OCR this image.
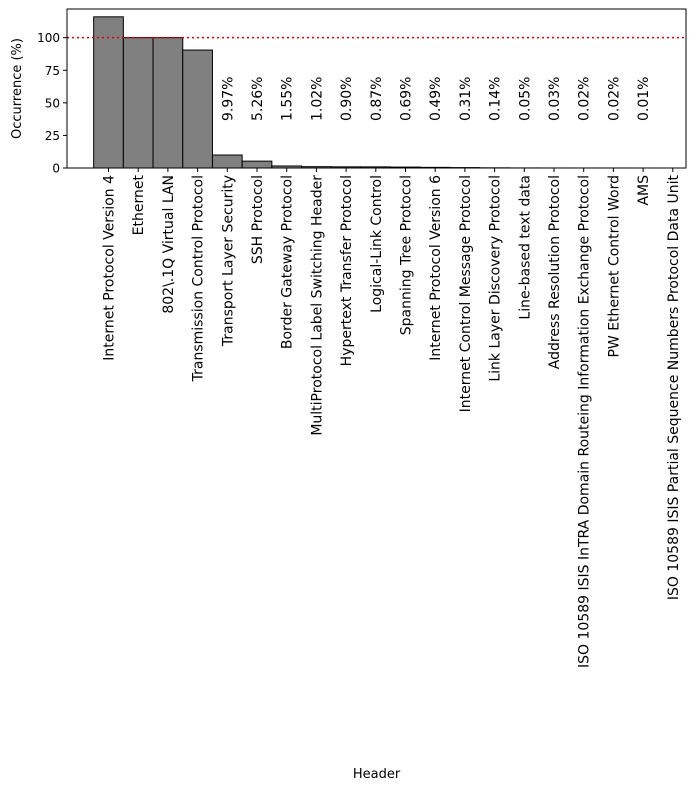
9.97% 5.26% 1.55% 1.02% 0.90% 0.87% 0.69% 0.49% 0.31% 0.14% 0.05% 0.03% 0.02% 0.02% 0.01%
0
25
50
75
100
Internet Protocol Version 4 Ethernet 802\.1Q Virtual LAN Transmission Control Protocol Transport Layer Security SSH Protocol Border Gateway Protocol MultiProtocol Label Switching Header Hypertext Transfer Protocol Logical-Link Control Spanning Tree Protocol Internet Protocol Version 6 Internet Control Message Protocol Link Layer Discovery Protocol Line-based text data Address Resolution Protocol ISO 10589 ISIS InTRA Domain Routeing Information Exchange Protocol PW Ethernet Control Word AMS ISO 10589 ISIS Partial Sequence Numbers Protocol Data Unit
Header
Occurrence (%)
